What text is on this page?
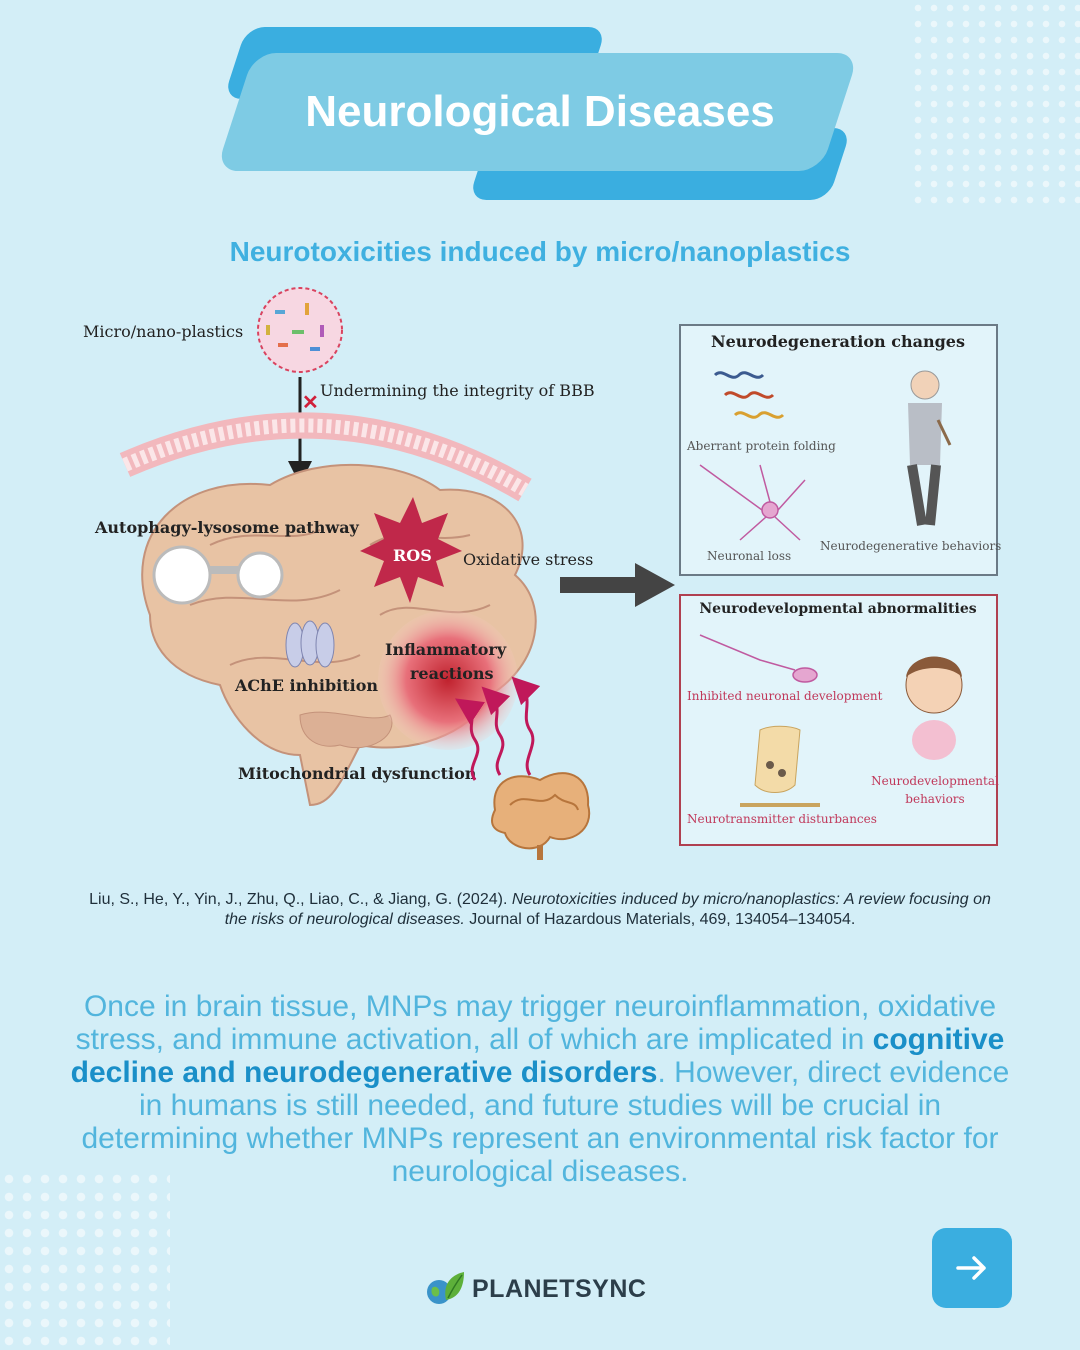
Neurological Diseases
Neurotoxicities induced by micro/nanoplastics
Micro/nano-plastics
✕ Undermining the integrity of BBB
Autophagy-lysosome pathway
ROS Oxidative stress
Inflammatory
reactions
AChE inhibition
Mitochondrial dysfunction
Neurodegeneration changes
Aberrant protein folding
Neuronal loss
Neurodegenerative behaviors
Neurodevelopmental abnormalities
Inhibited neuronal development
Neurotransmitter disturbances
Neurodevelopmental
behaviors
Liu, S., He, Y., Yin, J., Zhu, Q., Liao, C., & Jiang, G. (2024). Neurotoxicities induced by micro/nanoplastics: A review focusing on the risks of neurological diseases. Journal of Hazardous Materials, 469, 134054–134054.

Once in brain tissue, MNPs may trigger neuroinflammation, oxidative stress, and immune activation, all of which are implicated in cognitive decline and neurodegenerative disorders. However, direct evidence in humans is still needed, and future studies will be crucial in determining whether MNPs represent an environmental risk factor for neurological diseases.

PLANETSYNC
